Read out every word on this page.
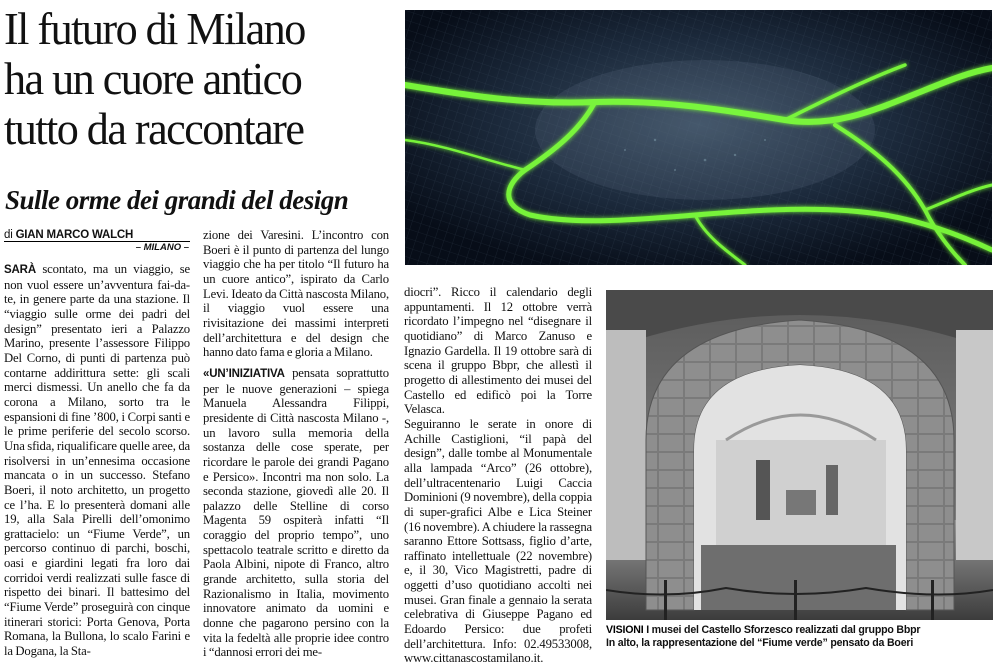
Il futuro di Milano
ha un cuore antico
tutto da raccontare
Sulle orme dei grandi del design
di GIAN MARCO WALCH
– MILANO –

SARÀ scontato, ma un viaggio, se non vuol essere un’avventura fai-da-te, in genere parte da una stazione. Il “viaggio sulle orme dei padri del design” presentato ieri a Palazzo Marino, presente l’assessore Filippo Del Corno, di punti di partenza può contarne addirittura sette: gli scali merci dismessi. Un anello che fa da corona a Milano, sorto tra le espansioni di fine ’800, i Corpi santi e le prime periferie del secolo scorso. Una sfida, riqualificare quelle aree, da risolversi in un’ennesima occasione mancata o in un successo. Stefano Boeri, il noto architetto, un progetto ce l’ha. E lo presenterà domani alle 19, alla Sala Pirelli dell’omonimo grattacielo: un “Fiume Verde”, un percorso continuo di parchi, boschi, oasi e giardini legati fra loro dai corridoi verdi realizzati sulle fasce di rispetto dei binari. Il battesimo del “Fiume Verde” proseguirà con cinque itinerari storici: Porta Genova, Porta Romana, la Bullona, lo scalo Farini e la Dogana, la Sta-

zione dei Varesini. L’incontro con Boeri è il punto di partenza del lungo viaggio che ha per titolo “Il futuro ha un cuore antico”, ispirato da Carlo Levi. Ideato da Città nascosta Milano, il viaggio vuol essere una rivisitazione dei massimi interpreti dell’architettura e del design che hanno dato fama e gloria a Milano.

«UN’INIZIATIVA pensata soprattutto per le nuove generazioni – spiega Manuela Alessandra Filippi, presidente di Città nascosta Milano -, un lavoro sulla memoria della sostanza delle cose sperate, per ricordare le parole dei grandi Pagano e Persico». Incontri ma non solo. La seconda stazione, giovedì alle 20. Il palazzo delle Stelline di corso Magenta 59 ospiterà infatti “Il coraggio del proprio tempo”, uno spettacolo teatrale scritto e diretto da Paola Albini, nipote di Franco, altro grande architetto, sulla storia del Razionalismo in Italia, movimento innovatore animato da uomini e donne che pagarono persino con la vita la fedeltà alle proprie idee contro i “dannosi errori dei me-

diocri”. Ricco il calendario degli appuntamenti. Il 12 ottobre verrà ricordato l’impegno nel “disegnare il quotidiano” di Marco Zanuso e Ignazio Gardella. Il 19 ottobre sarà di scena il gruppo Bbpr, che allestì il progetto di allestimento dei musei del Castello ed edificò poi la Torre Velasca.

Seguiranno le serate in onore di Achille Castiglioni, “il papà del design”, dalle tombe al Monumentale alla lampada “Arco” (26 ottobre), dell’ultracentenario Luigi Caccia Dominioni (9 novembre), della coppia di super-grafici Albe e Lica Steiner (16 novembre). A chiudere la rassegna saranno Ettore Sottsass, figlio d’arte, raffinato intellettuale (22 novembre) e, il 30, Vico Magistretti, padre di oggetti d’uso quotidiano accolti nei musei. Gran finale a gennaio la serata celebrativa di Giuseppe Pagano ed Edoardo Persico: due profeti dell’architettura. Info: 02.49533008, www.cittanascostamilano.it.

VISIONI I musei del Castello Sforzesco realizzati dal gruppo Bbpr
In alto, la rappresentazione del “Fiume verde” pensato da Boeri
